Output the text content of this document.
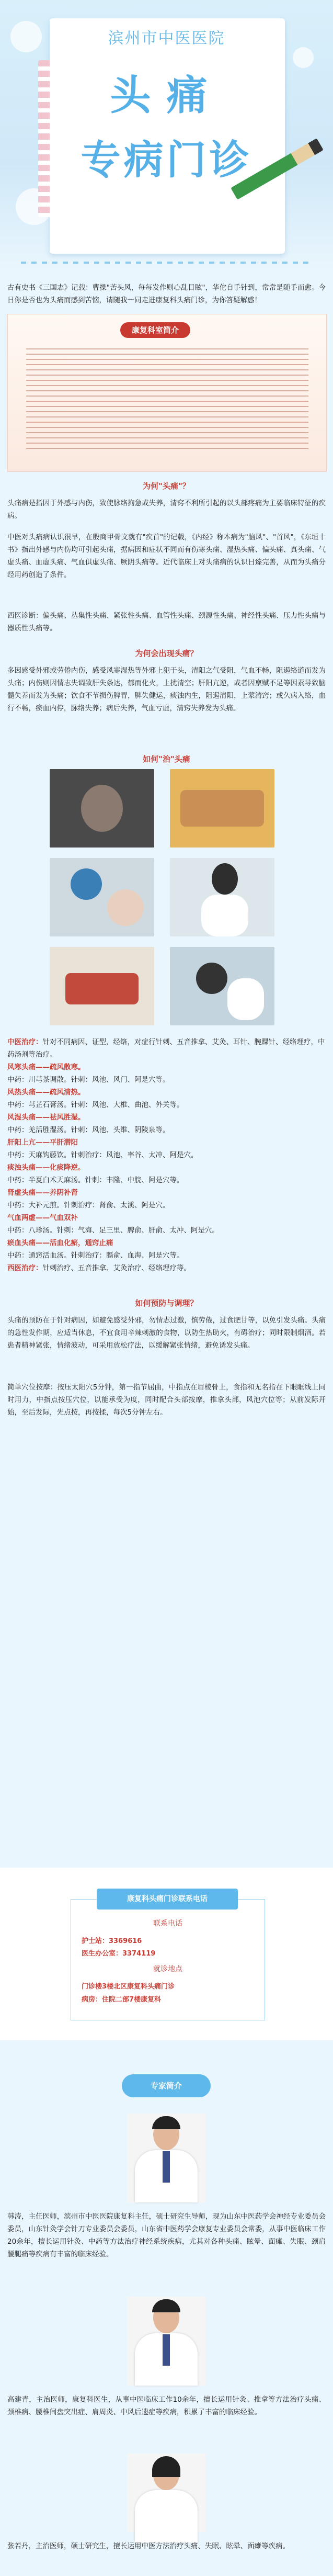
滨州市中医医院
头痛
专病门诊
古有史书《三国志》记载：曹操"苦头风，每每发作则心乱目眩"，华佗自手针到，常常是随手而愈。今日你是否也为头痛而感到苦恼，请随我一同走进康复科头痛门诊，为你答疑解惑！
康复科室简介
为何"头痛"？
头痛病是指因于外感与内伤，致使脉络拘急或失养，清窍不利所引起的以头部疼痛为主要临床特征的疾病。
中医对头痛病认识很早，在殷商甲骨文就有"疾首"的记载，《内经》称本病为"脑风"、"首风"，《东垣十书》指出外感与内伤均可引起头痛，据病因和症状不同而有伤寒头痛、湿热头痛、偏头痛、真头痛、气虚头痛、血虚头痛、气血俱虚头痛、厥阴头痛等。近代临床上对头痛病的认识日臻完善，从而为头痛分经用药创造了条件。
西医诊断：偏头痛、丛集性头痛、紧张性头痛、血管性头痛、颈源性头痛、神经性头痛、压力性头痛与器质性头痛等。
为何会出现头痛？
多因感受外邪或劳倦内伤，感受风寒湿热等外邪上犯于头，清阳之气受阻，气血不畅，阻遏络道而发为头痛；内伤则因情志失调致肝失条达，郁而化火，上扰清空；肝阳亢逆，或者因禀赋不足等因素导致脑髓失养而发为头痛；饮食不节损伤脾胃，脾失健运，痰浊内生，阻遏清阳，上蒙清窍；或久病入络，血行不畅，瘀血内停，脉络失养；病后失养，气血亏虚，清窍失养发为头痛。
如何"治"头痛
中医治疗：针对不同病因、证型，经络，对症行针刺、五音推拿、艾灸、耳针、腕踝针、经络理疗，中药汤剂等治疗。
风寒头痛——疏风散寒。
中药：川芎茶调散。针刺：风池、风门、阿是穴等。
风热头痛——疏风清热。
中药：芎芷石膏汤。针刺：风池、大椎、曲池、外关等。
风湿头痛——祛风胜湿。
中药：羌活胜湿汤。针刺：风池、头维、阴陵泉等。
肝阳上亢——平肝潜阳
中药：天麻钩藤饮。针刺治疗：风池、率谷、太冲、阿是穴。
痰浊头痛——化痰降逆。
中药：半夏白术天麻汤。针刺：丰隆、中脘、阿是穴等。
肾虚头痛——养阴补肾
中药：大补元煎。针刺治疗：肾俞、太溪、阿是穴。
气血两虚——气血双补
中药：八珍汤。针刺：气海、足三里、脾俞、肝俞、太冲、阿是穴。
瘀血头痛——活血化瘀，通窍止痛
中药：通窍活血汤。针刺治疗：膈俞、血海、阿是穴等。
西医治疗：针刺治疗、五音推拿、艾灸治疗、经络理疗等。
如何预防与调理？
头痛的预防在于针对病因，如避免感受外邪，勿情志过激，慎劳倦，过食肥甘等，以免引发头痛。头痛的急性发作期，应适当休息，不宜食用辛辣刺激的食物，以防生热助火，有碍治疗；同时限制烟酒。若患者精神紧张，情绪波动，可采用放松疗法，以缓解紧张情绪，避免诱发头痛。
简单穴位按摩：按压太阳穴5分钟，第一指节屈曲，中指点在眉棱骨上，食指和无名指在下眼眶线上同时用力，中指点按压穴位，以能承受为度，同时配合头部按摩，推拿头部，风池穴位等；从前发际开始，至后发际，先点按，再按揉，每次5分钟左右。
联系电话
护士站：3369616
医生办公室：3374119
就诊地点
门诊楼3楼北区康复科头痛门诊
病房：住院二部7楼康复科
康复科头痛门诊联系电话
专家简介
韩涛，主任医师，滨州市中医医院康复科主任，硕士研究生导师，现为山东中医药学会神经专业委员会委员，山东针灸学会针刀专业委员会委员，山东省中医药学会康复专业委员会常委，从事中医临床工作20余年，擅长运用针灸、中药等方法治疗神经系统疾病，尤其对各种头痛、眩晕、面瘫、失眠、颈肩腰腿痛等疾病有丰富的临床经验。
高建青，主治医师，康复科医生，从事中医临床工作10余年，擅长运用针灸、推拿等方法治疗头痛、颈椎病、腰椎间盘突出症、肩周炎、中风后遗症等疾病，积累了丰富的临床经验。
张若丹，主治医师，硕士研究生，擅长运用中医方法治疗头痛、失眠、眩晕、面瘫等疾病。
